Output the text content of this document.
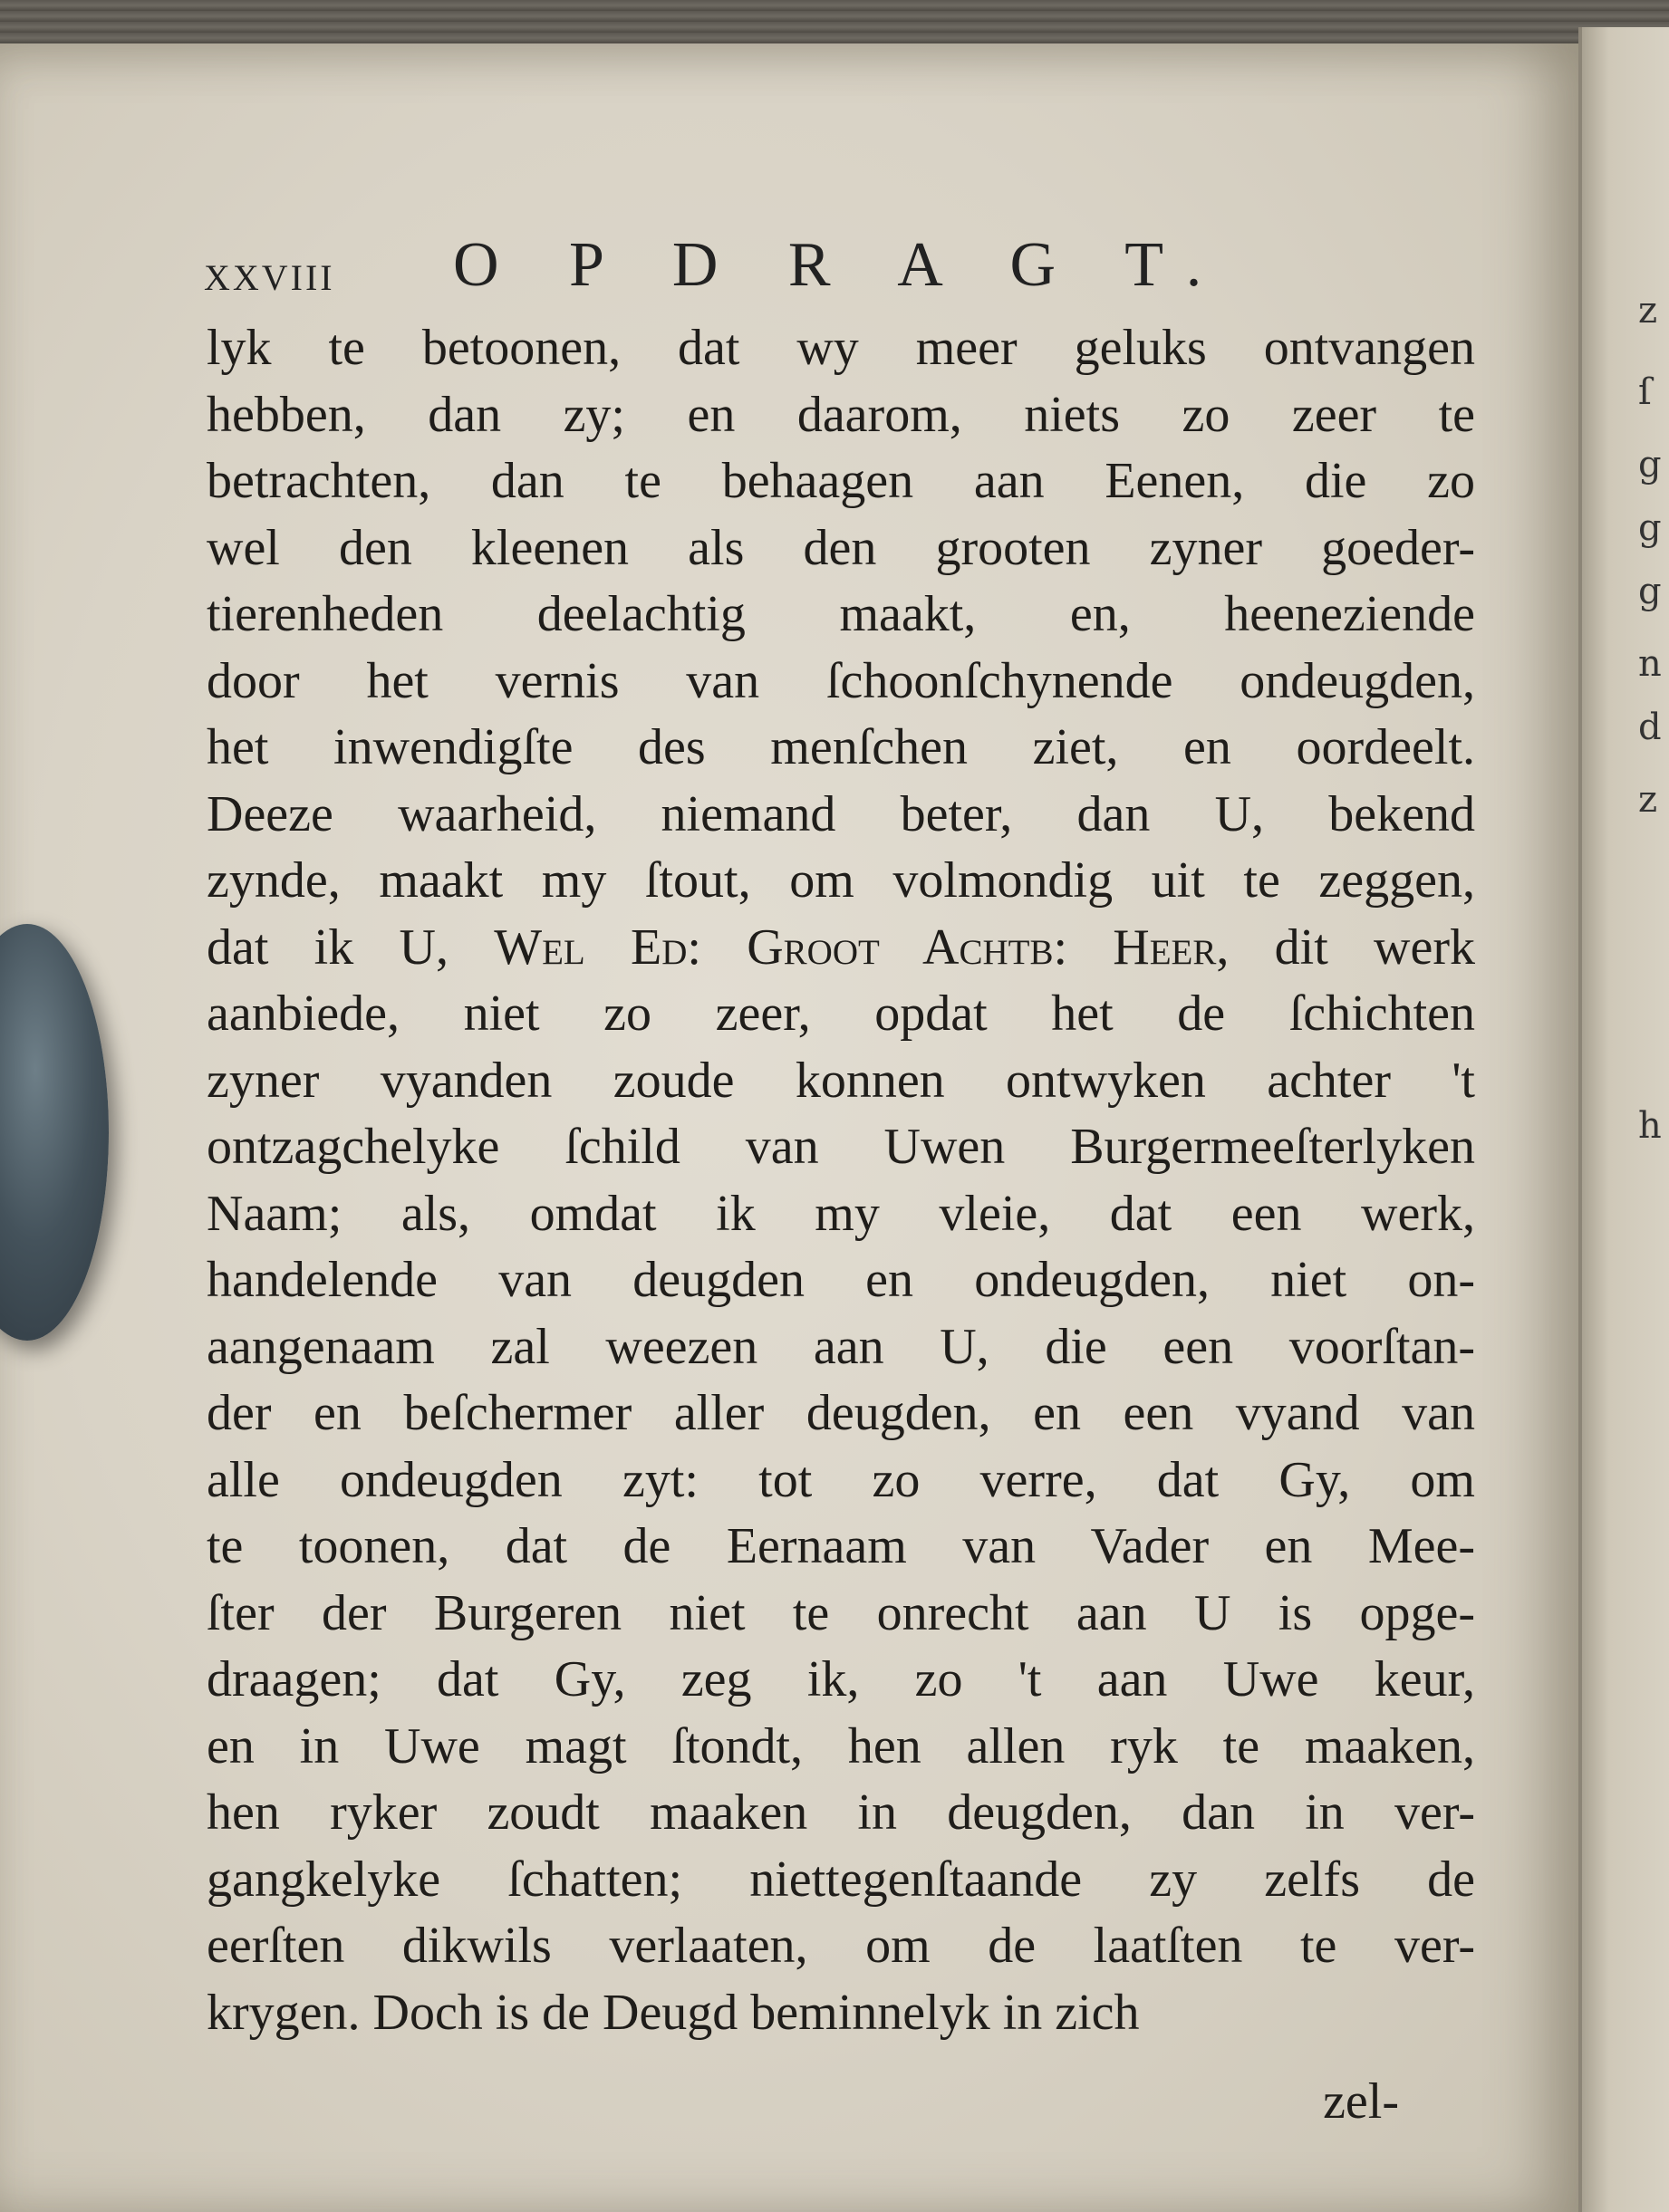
XXVIII O P D R A G T.
lyk te betoonen, dat wy meer geluks ontvangen
hebben, dan zy; en daarom, niets zo zeer te
betrachten, dan te behaagen aan Eenen, die zo
wel den kleenen als den grooten zyner goeder-
tierenheden deelachtig maakt, en, heeneziende
door het vernis van ſchoonſchynende ondeugden,
het inwendigſte des menſchen ziet, en oordeelt.
Deeze waarheid, niemand beter, dan U, bekend
zynde, maakt my ſtout, om volmondig uit te zeggen,
dat ik U, Wel Ed: Groot Achtb: Heer, dit werk
aanbiede, niet zo zeer, opdat het de ſchichten
zyner vyanden zoude konnen ontwyken achter 't
ontzagchelyke ſchild van Uwen Burgermeeſterlyken
Naam; als, omdat ik my vleie, dat een werk,
handelende van deugden en ondeugden, niet on-
aangenaam zal weezen aan U, die een voorſtan-
der en beſchermer aller deugden, en een vyand van
alle ondeugden zyt: tot zo verre, dat Gy, om
te toonen, dat de Eernaam van Vader en Mee-
ſter der Burgeren niet te onrecht aan U is opge-
draagen; dat Gy, zeg ik, zo 't aan Uwe keur,
en in Uwe magt ſtondt, hen allen ryk te maaken,
hen ryker zoudt maaken in deugden, dan in ver-
gangkelyke ſchatten; niettegenſtaande zy zelfs de
eerſten dikwils verlaaten, om de laatſten te ver-
krygen. Doch is de Deugd beminnelyk in zich
zel-
z
ſ
g
g
g
n
d
z
h
